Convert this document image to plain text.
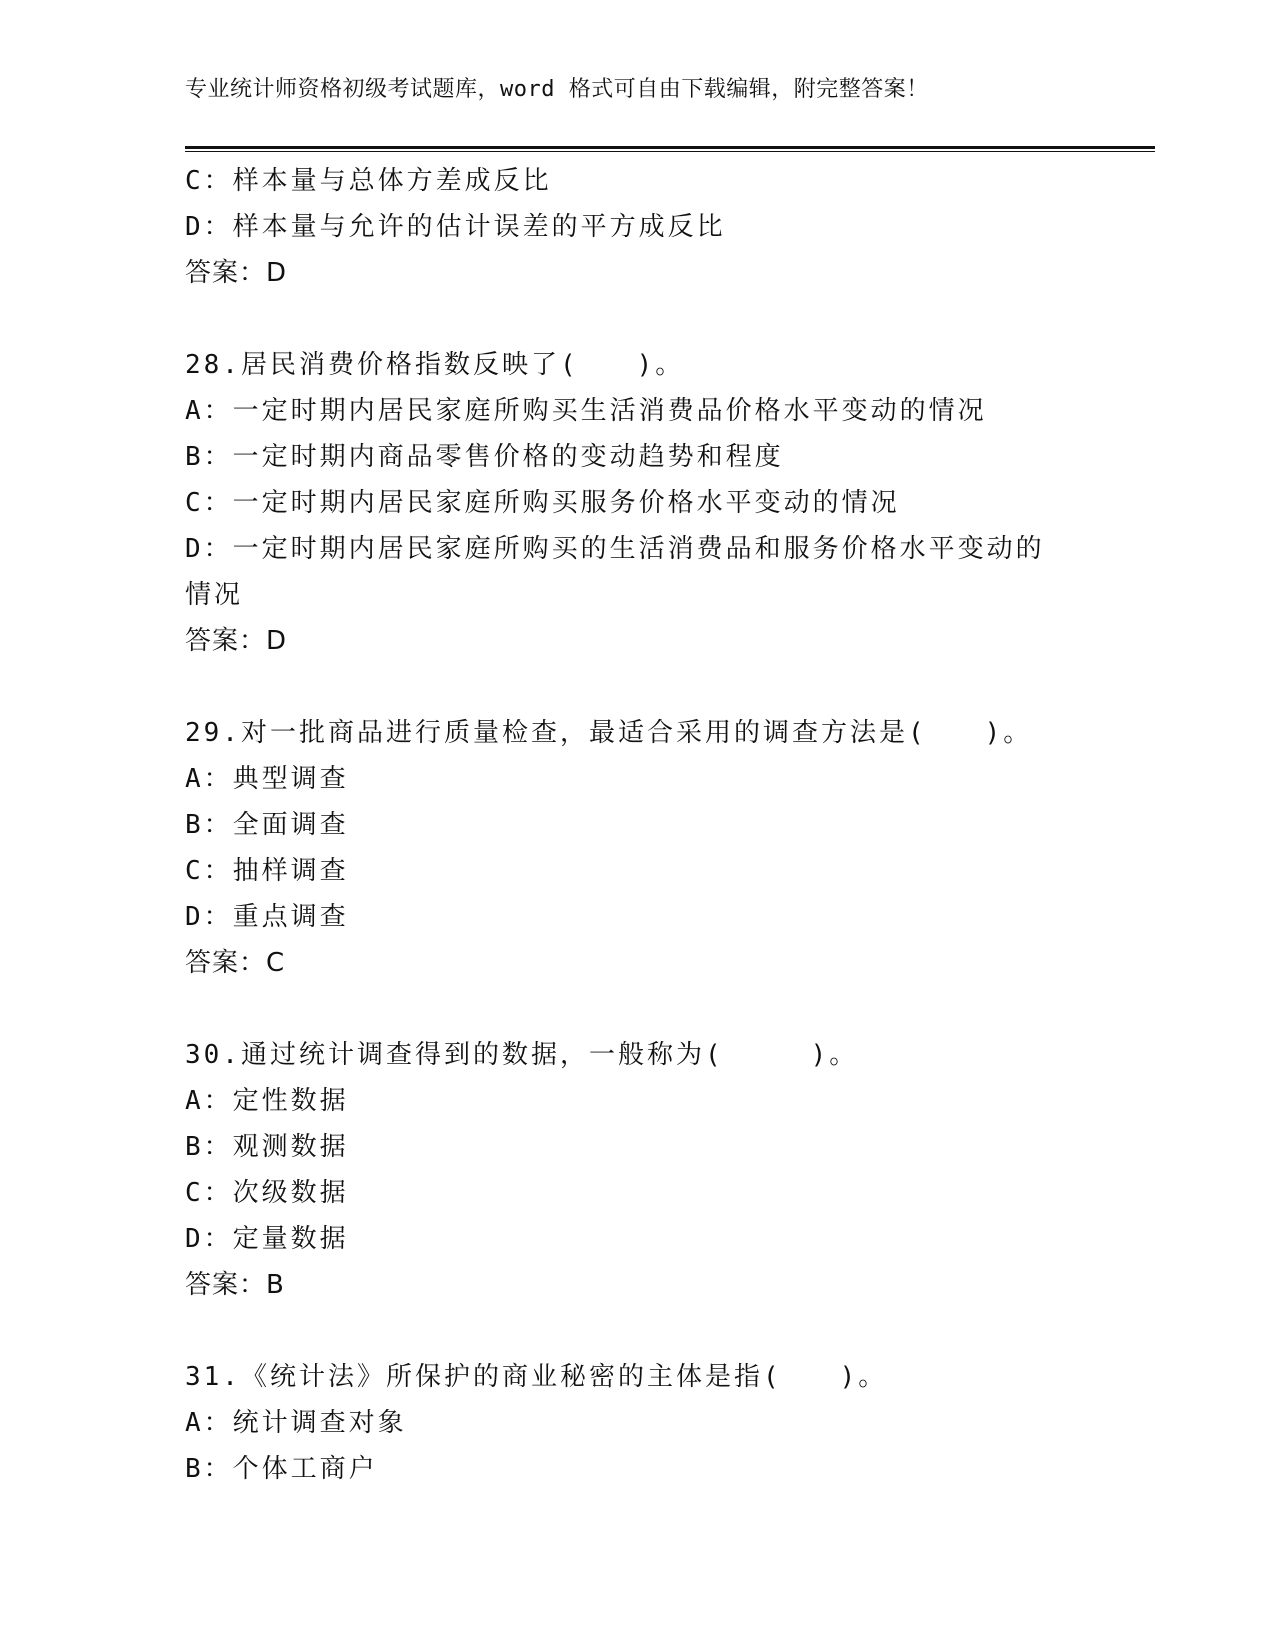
专业统计师资格初级考试题库，word 格式可自由下载编辑，附完整答案！
C：样本量与总体方差成反比
D：样本量与允许的估计误差的平方成反比
答案：D
28.居民消费价格指数反映了(　　)。
A：一定时期内居民家庭所购买生活消费品价格水平变动的情况
B：一定时期内商品零售价格的变动趋势和程度
C：一定时期内居民家庭所购买服务价格水平变动的情况
D：一定时期内居民家庭所购买的生活消费品和服务价格水平变动的情况
答案：D
29.对一批商品进行质量检查，最适合采用的调查方法是(　　)。
A：典型调查
B：全面调查
C：抽样调查
D：重点调查
答案：C
30.通过统计调查得到的数据，一般称为(　　　)。
A：定性数据
B：观测数据
C：次级数据
D：定量数据
答案：B
31.《统计法》所保护的商业秘密的主体是指(　　)。
A：统计调查对象
B：个体工商户
